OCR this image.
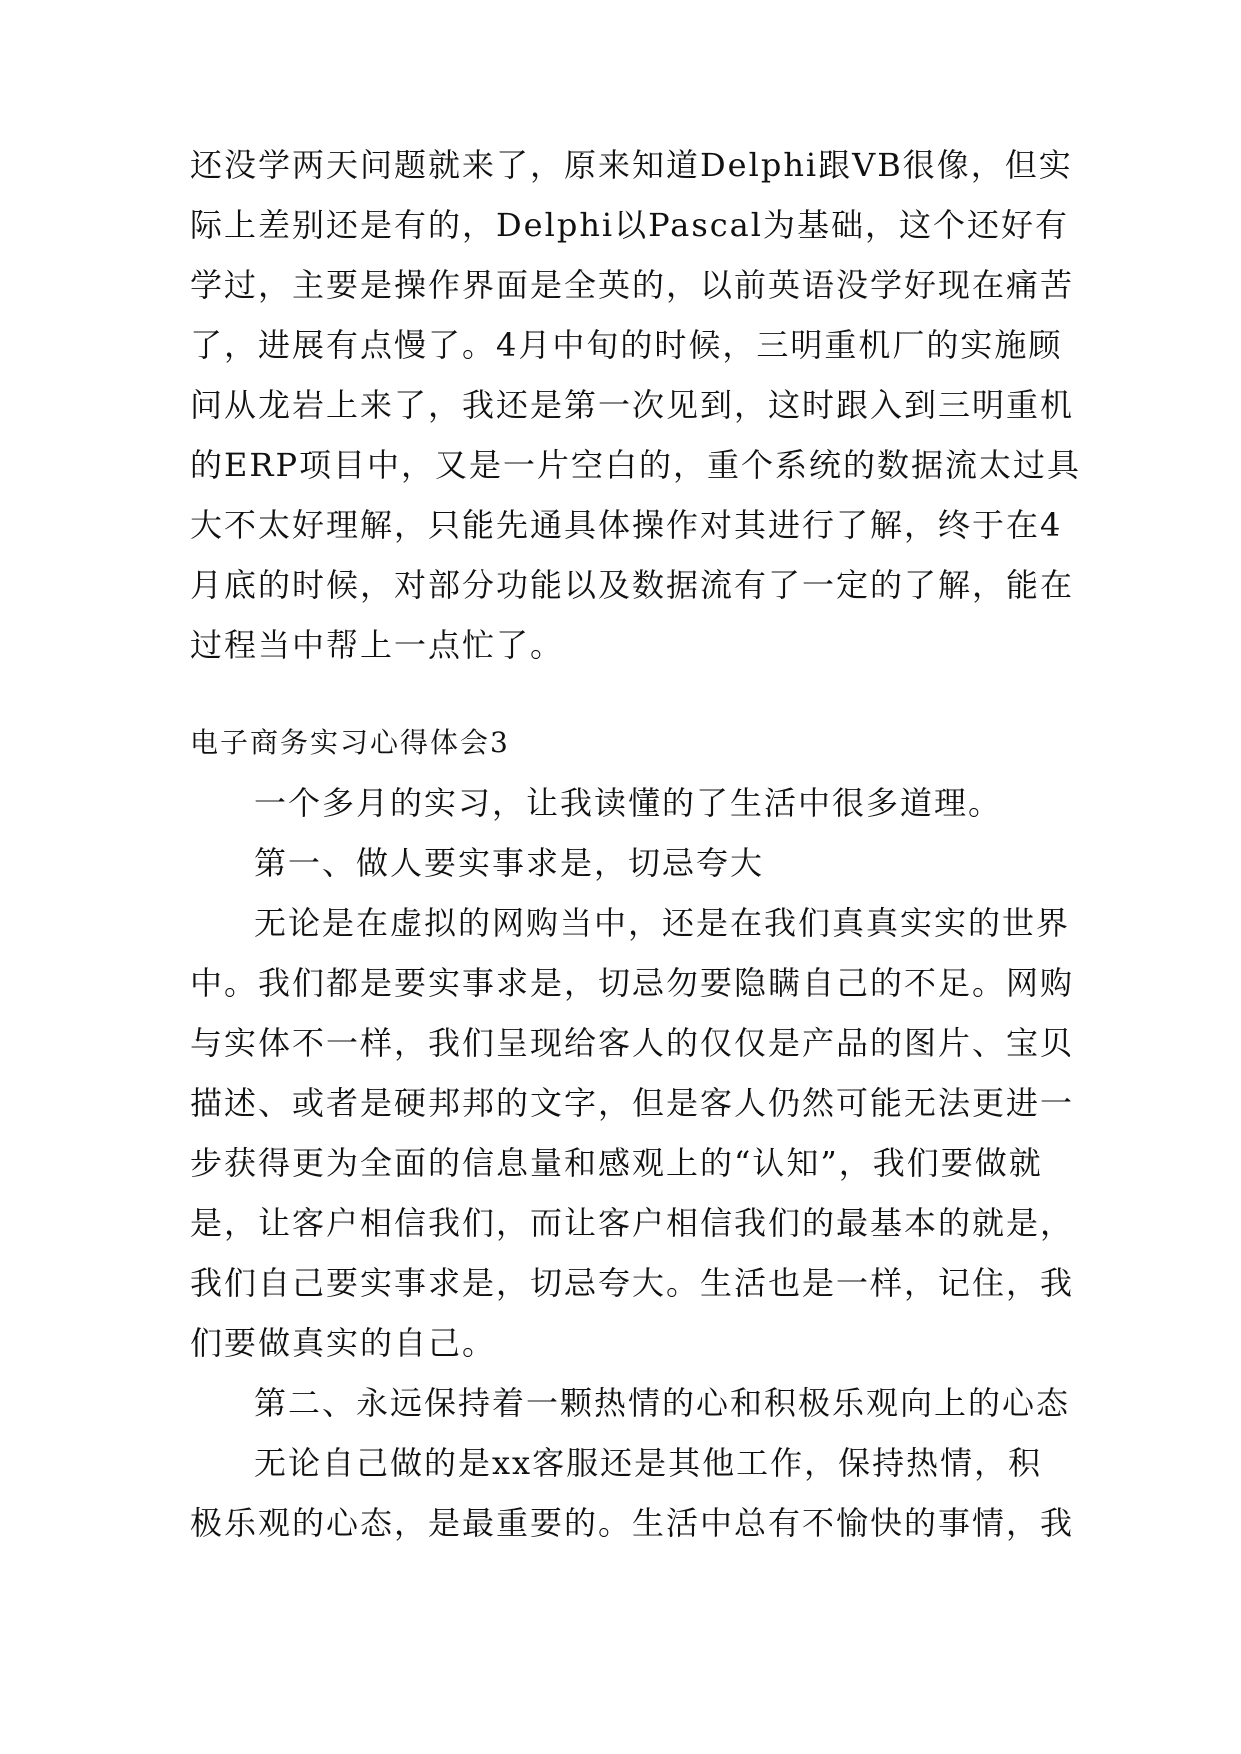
还没学两天问题就来了，原来知道Delphi跟VB很像，但实
际上差别还是有的，Delphi以Pascal为基础，这个还好有
学过，主要是操作界面是全英的，以前英语没学好现在痛苦
了，进展有点慢了。4月中旬的时候，三明重机厂的实施顾
问从龙岩上来了，我还是第一次见到，这时跟入到三明重机
的ERP项目中，又是一片空白的，重个系统的数据流太过具
大不太好理解，只能先通具体操作对其进行了解，终于在4
月底的时候，对部分功能以及数据流有了一定的了解，能在
过程当中帮上一点忙了。
电子商务实习心得体会3
一个多月的实习，让我读懂的了生活中很多道理。
第一、做人要实事求是，切忌夸大
无论是在虚拟的网购当中，还是在我们真真实实的世界
中。我们都是要实事求是，切忌勿要隐瞒自己的不足。网购
与实体不一样，我们呈现给客人的仅仅是产品的图片、宝贝
描述、或者是硬邦邦的文字，但是客人仍然可能无法更进一
步获得更为全面的信息量和感观上的“认知”，我们要做就
是，让客户相信我们，而让客户相信我们的最基本的就是，
我们自己要实事求是，切忌夸大。生活也是一样，记住，我
们要做真实的自己。
第二、永远保持着一颗热情的心和积极乐观向上的心态
无论自己做的是xx客服还是其他工作，保持热情，积
极乐观的心态，是最重要的。生活中总有不愉快的事情，我
